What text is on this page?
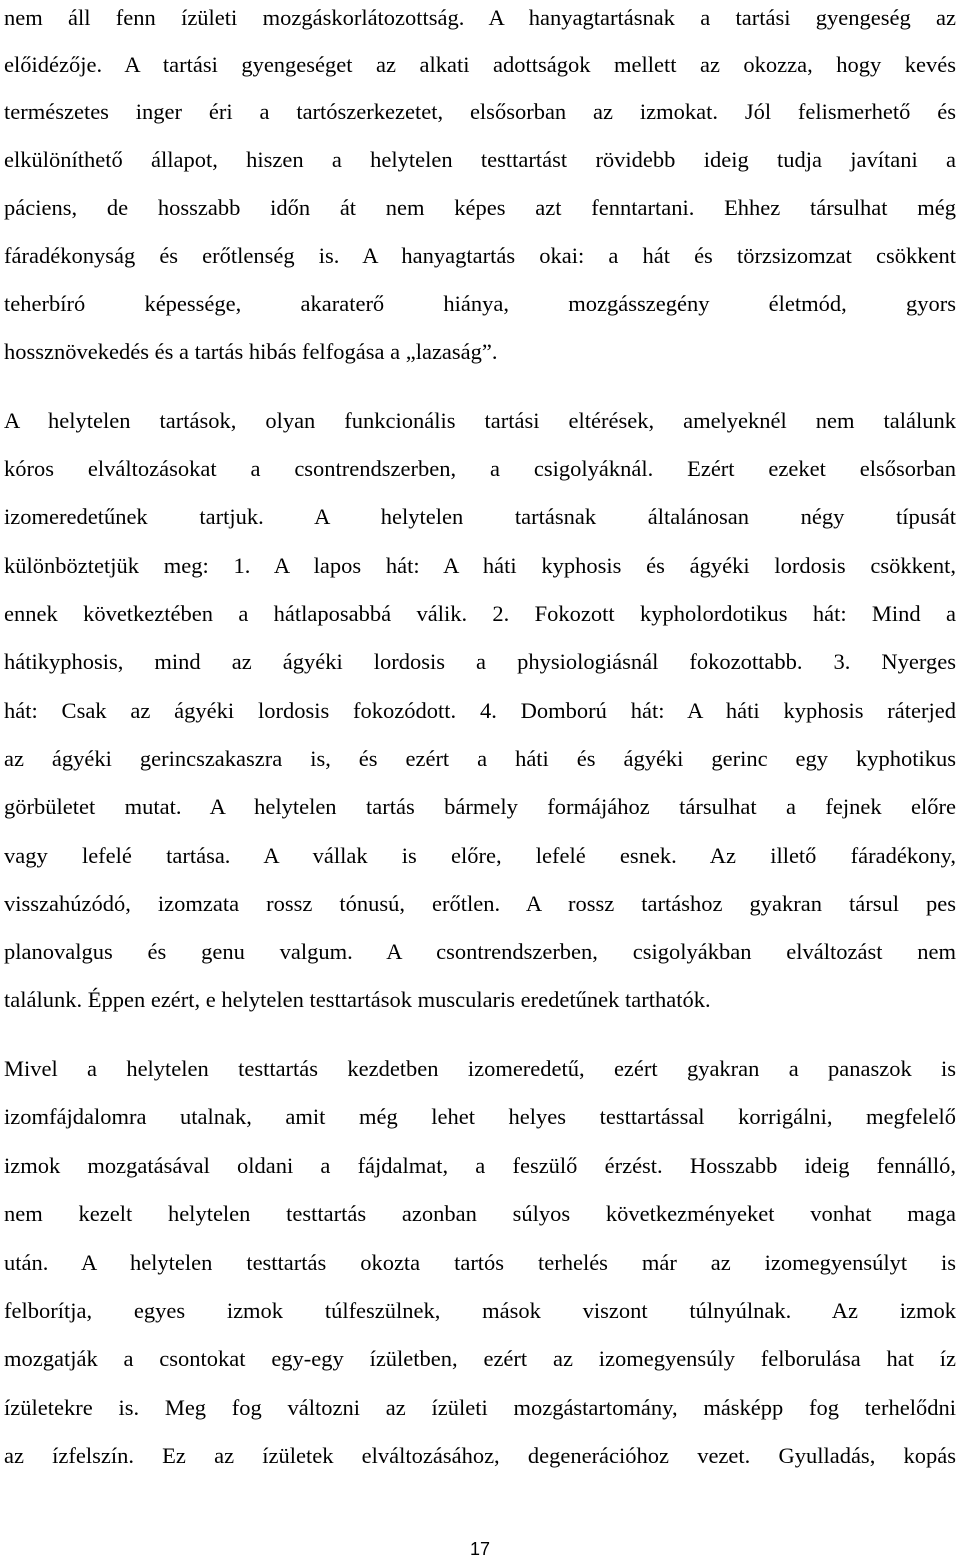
nem áll fenn ízületi mozgáskorlátozottság. A hanyagtartásnak a tartási gyengeség az
előidézője. A tartási gyengeséget az alkati adottságok mellett az okozza, hogy kevés
természetes inger éri a tartószerkezetet, elsősorban az izmokat. Jól felismerhető és
elkülöníthető állapot, hiszen a helytelen testtartást rövidebb ideig tudja javítani a
páciens, de hosszabb időn át nem képes azt fenntartani. Ehhez társulhat még
fáradékonyság és erőtlenség is. A hanyagtartás okai: a hát és törzsizomzat csökkent
teherbíró képessége, akaraterő hiánya, mozgásszegény életmód, gyors
hossznövekedés és a tartás hibás felfogása a „lazaság”.
A helytelen tartások, olyan funkcionális tartási eltérések, amelyeknél nem találunk
kóros elváltozásokat a csontrendszerben, a csigolyáknál. Ezért ezeket elsősorban
izomeredetűnek tartjuk. A helytelen tartásnak általánosan négy típusát
különböztetjük meg: 1. A lapos hát: A háti kyphosis és ágyéki lordosis csökkent,
ennek következtében a hátlaposabbá válik. 2. Fokozott kypholordotikus hát: Mind a
hátikyphosis, mind az ágyéki lordosis a physiologiásnál fokozottabb. 3. Nyerges
hát: Csak az ágyéki lordosis fokozódott. 4. Domború hát: A háti kyphosis ráterjed
az ágyéki gerincszakaszra is, és ezért a háti és ágyéki gerinc egy kyphotikus
görbületet mutat. A helytelen tartás bármely formájához társulhat a fejnek előre
vagy lefelé tartása. A vállak is előre, lefelé esnek. Az illető fáradékony,
visszahúzódó, izomzata rossz tónusú, erőtlen. A rossz tartáshoz gyakran társul pes
planovalgus és genu valgum. A csontrendszerben, csigolyákban elváltozást nem
találunk. Éppen ezért, e helytelen testtartások muscularis eredetűnek tarthatók.
Mivel a helytelen testtartás kezdetben izomeredetű, ezért gyakran a panaszok is
izomfájdalomra utalnak, amit még lehet helyes testtartással korrigálni, megfelelő
izmok mozgatásával oldani a fájdalmat, a feszülő érzést. Hosszabb ideig fennálló,
nem kezelt helytelen testtartás azonban súlyos következményeket vonhat maga
után. A helytelen testtartás okozta tartós terhelés már az izomegyensúlyt is
felborítja, egyes izmok túlfeszülnek, mások viszont túlnyúlnak. Az izmok
mozgatják a csontokat egy-egy ízületben, ezért az izomegyensúly felborulása hat íz
ízületekre is. Meg fog változni az ízületi mozgástartomány, másképp fog terhelődni
az ízfelszín. Ez az ízületek elváltozásához, degenerációhoz vezet. Gyulladás, kopás
17
